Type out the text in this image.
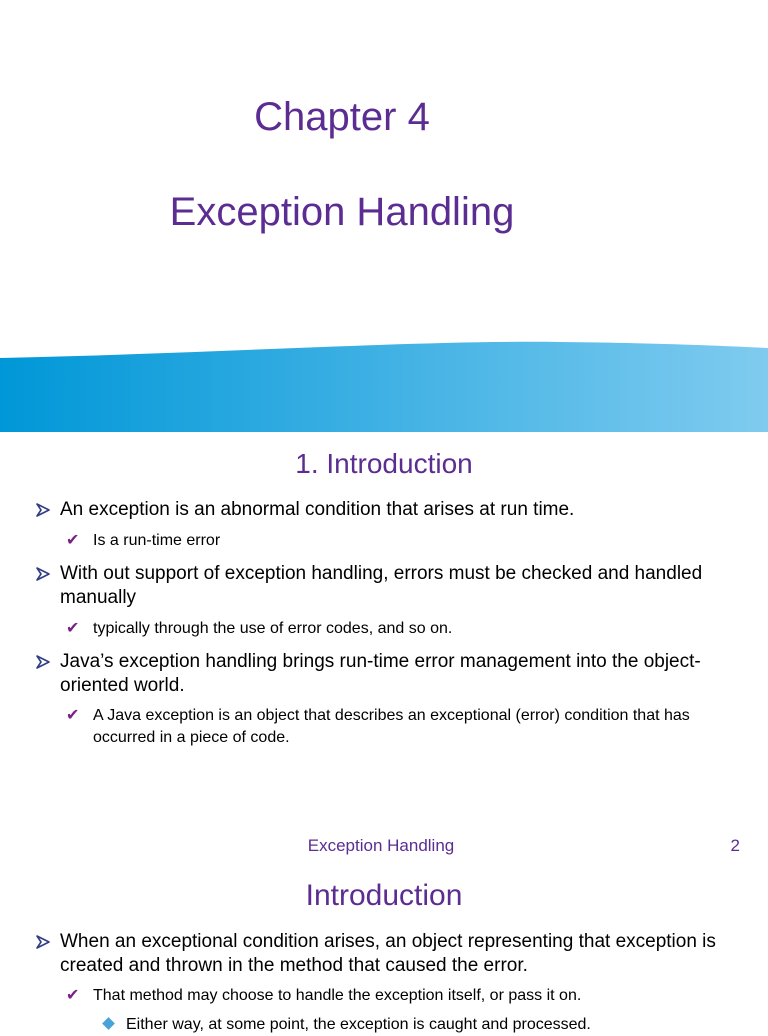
Chapter 4
Exception Handling
1. Introduction
An exception is an abnormal condition that arises at run time.
✔ Is a run-time error
With out support of exception handling, errors must be checked and handled manually
✔ typically through the use of error codes, and so on.
Java’s exception handling brings run-time error management into the object-oriented world.
✔ A Java exception is an object that describes an exceptional (error) condition that has occurred in a piece of code.
Exception Handling	2
Introduction
When an exceptional condition arises, an object representing that exception is created and thrown in the method that caused the error.
✔ That method may choose to handle the exception itself, or pass it on.
Either way, at some point, the exception is caught and processed.
